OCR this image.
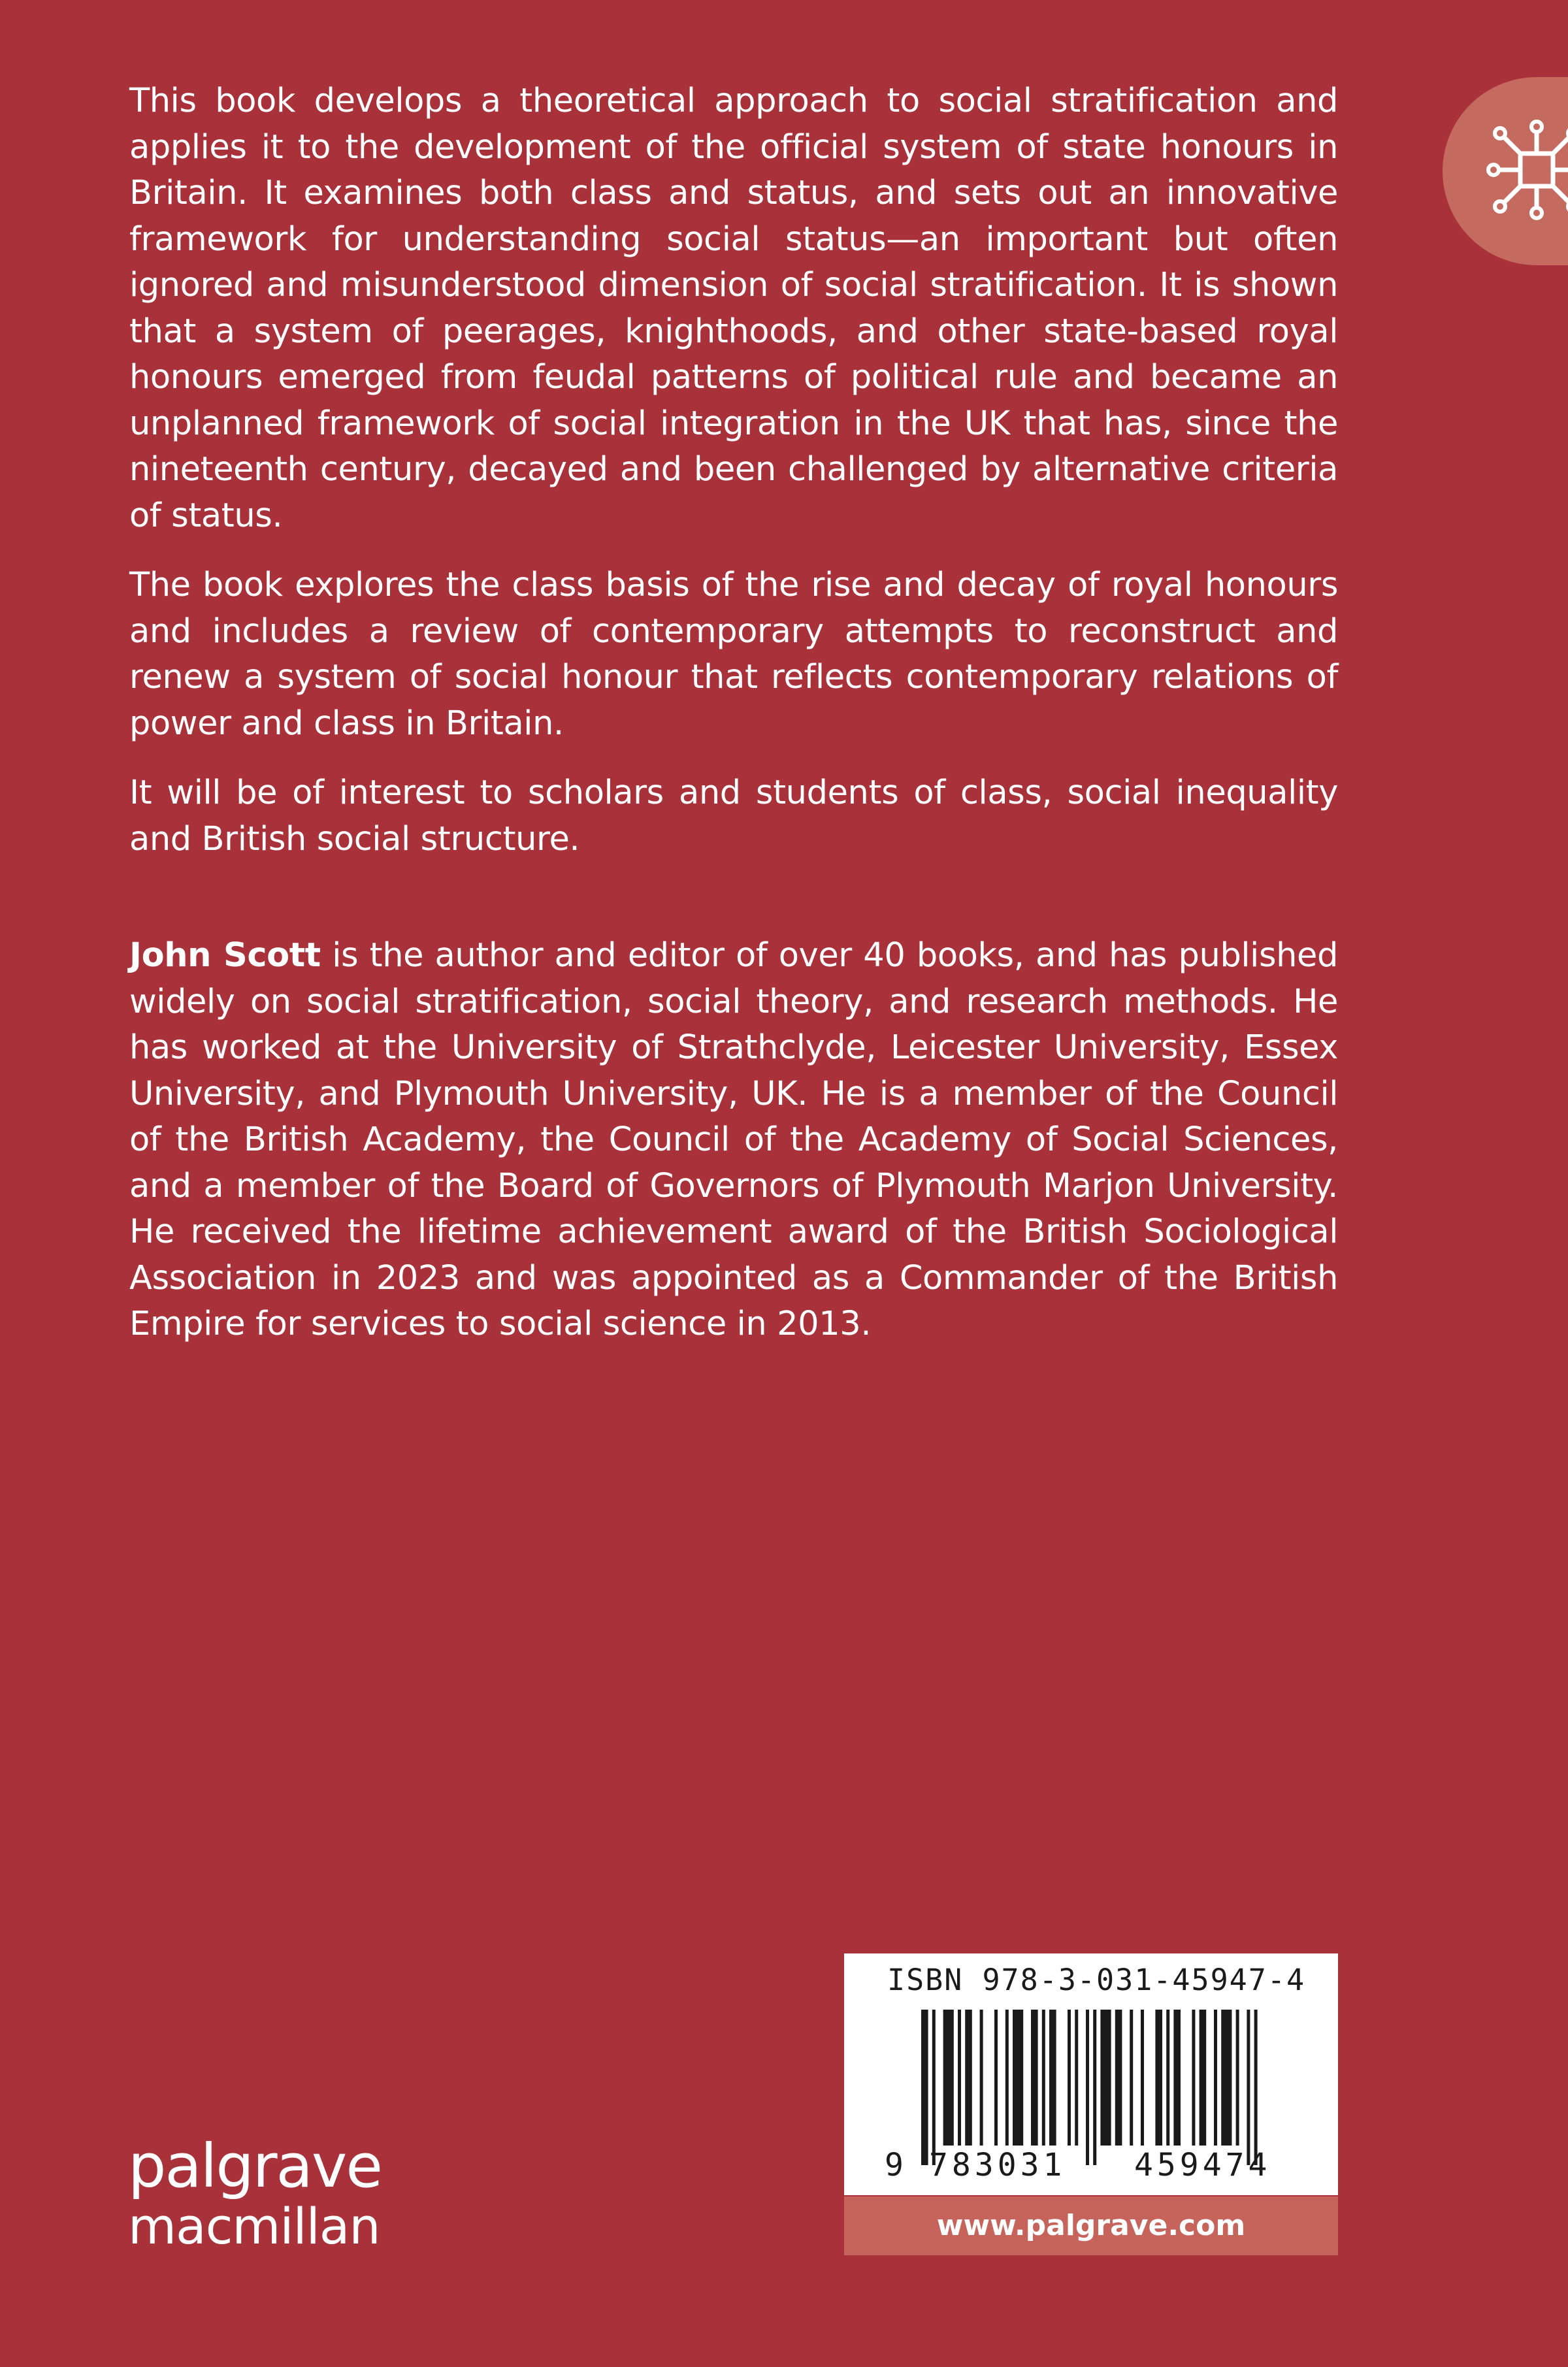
This book develops a theoretical approach to social stratification and applies it to the development of the official system of state honours in Britain. It examines both class and status, and sets out an innovative framework for understanding social status—an important but often ignored and misunderstood dimension of social stratification. It is shown that a system of peerages, knighthoods, and other state-based royal honours emerged from feudal patterns of political rule and became an unplanned framework of social integration in the UK that has, since the nineteenth century, decayed and been challenged by alternative criteria of status.

The book explores the class basis of the rise and decay of royal honours and includes a review of contemporary attempts to reconstruct and renew a system of social honour that reflects contemporary relations of power and class in Britain.

It will be of interest to scholars and students of class, social inequality and British social structure.

John Scott is the author and editor of over 40 books, and has published widely on social stratification, social theory, and research methods. He has worked at the University of Strathclyde, Leicester University, Essex University, and Plymouth University, UK. He is a member of the Council of the British Academy, the Council of the Academy of Social Sciences, and a member of the Board of Governors of Plymouth Marjon University. He received the lifetime achievement award of the British Sociological Association in 2023 and was appointed as a Commander of the British Empire for services to social science in 2013.

ISBN 978-3-031-45947-4
9 783031 459474
www.palgrave.com
palgrave
macmillan
